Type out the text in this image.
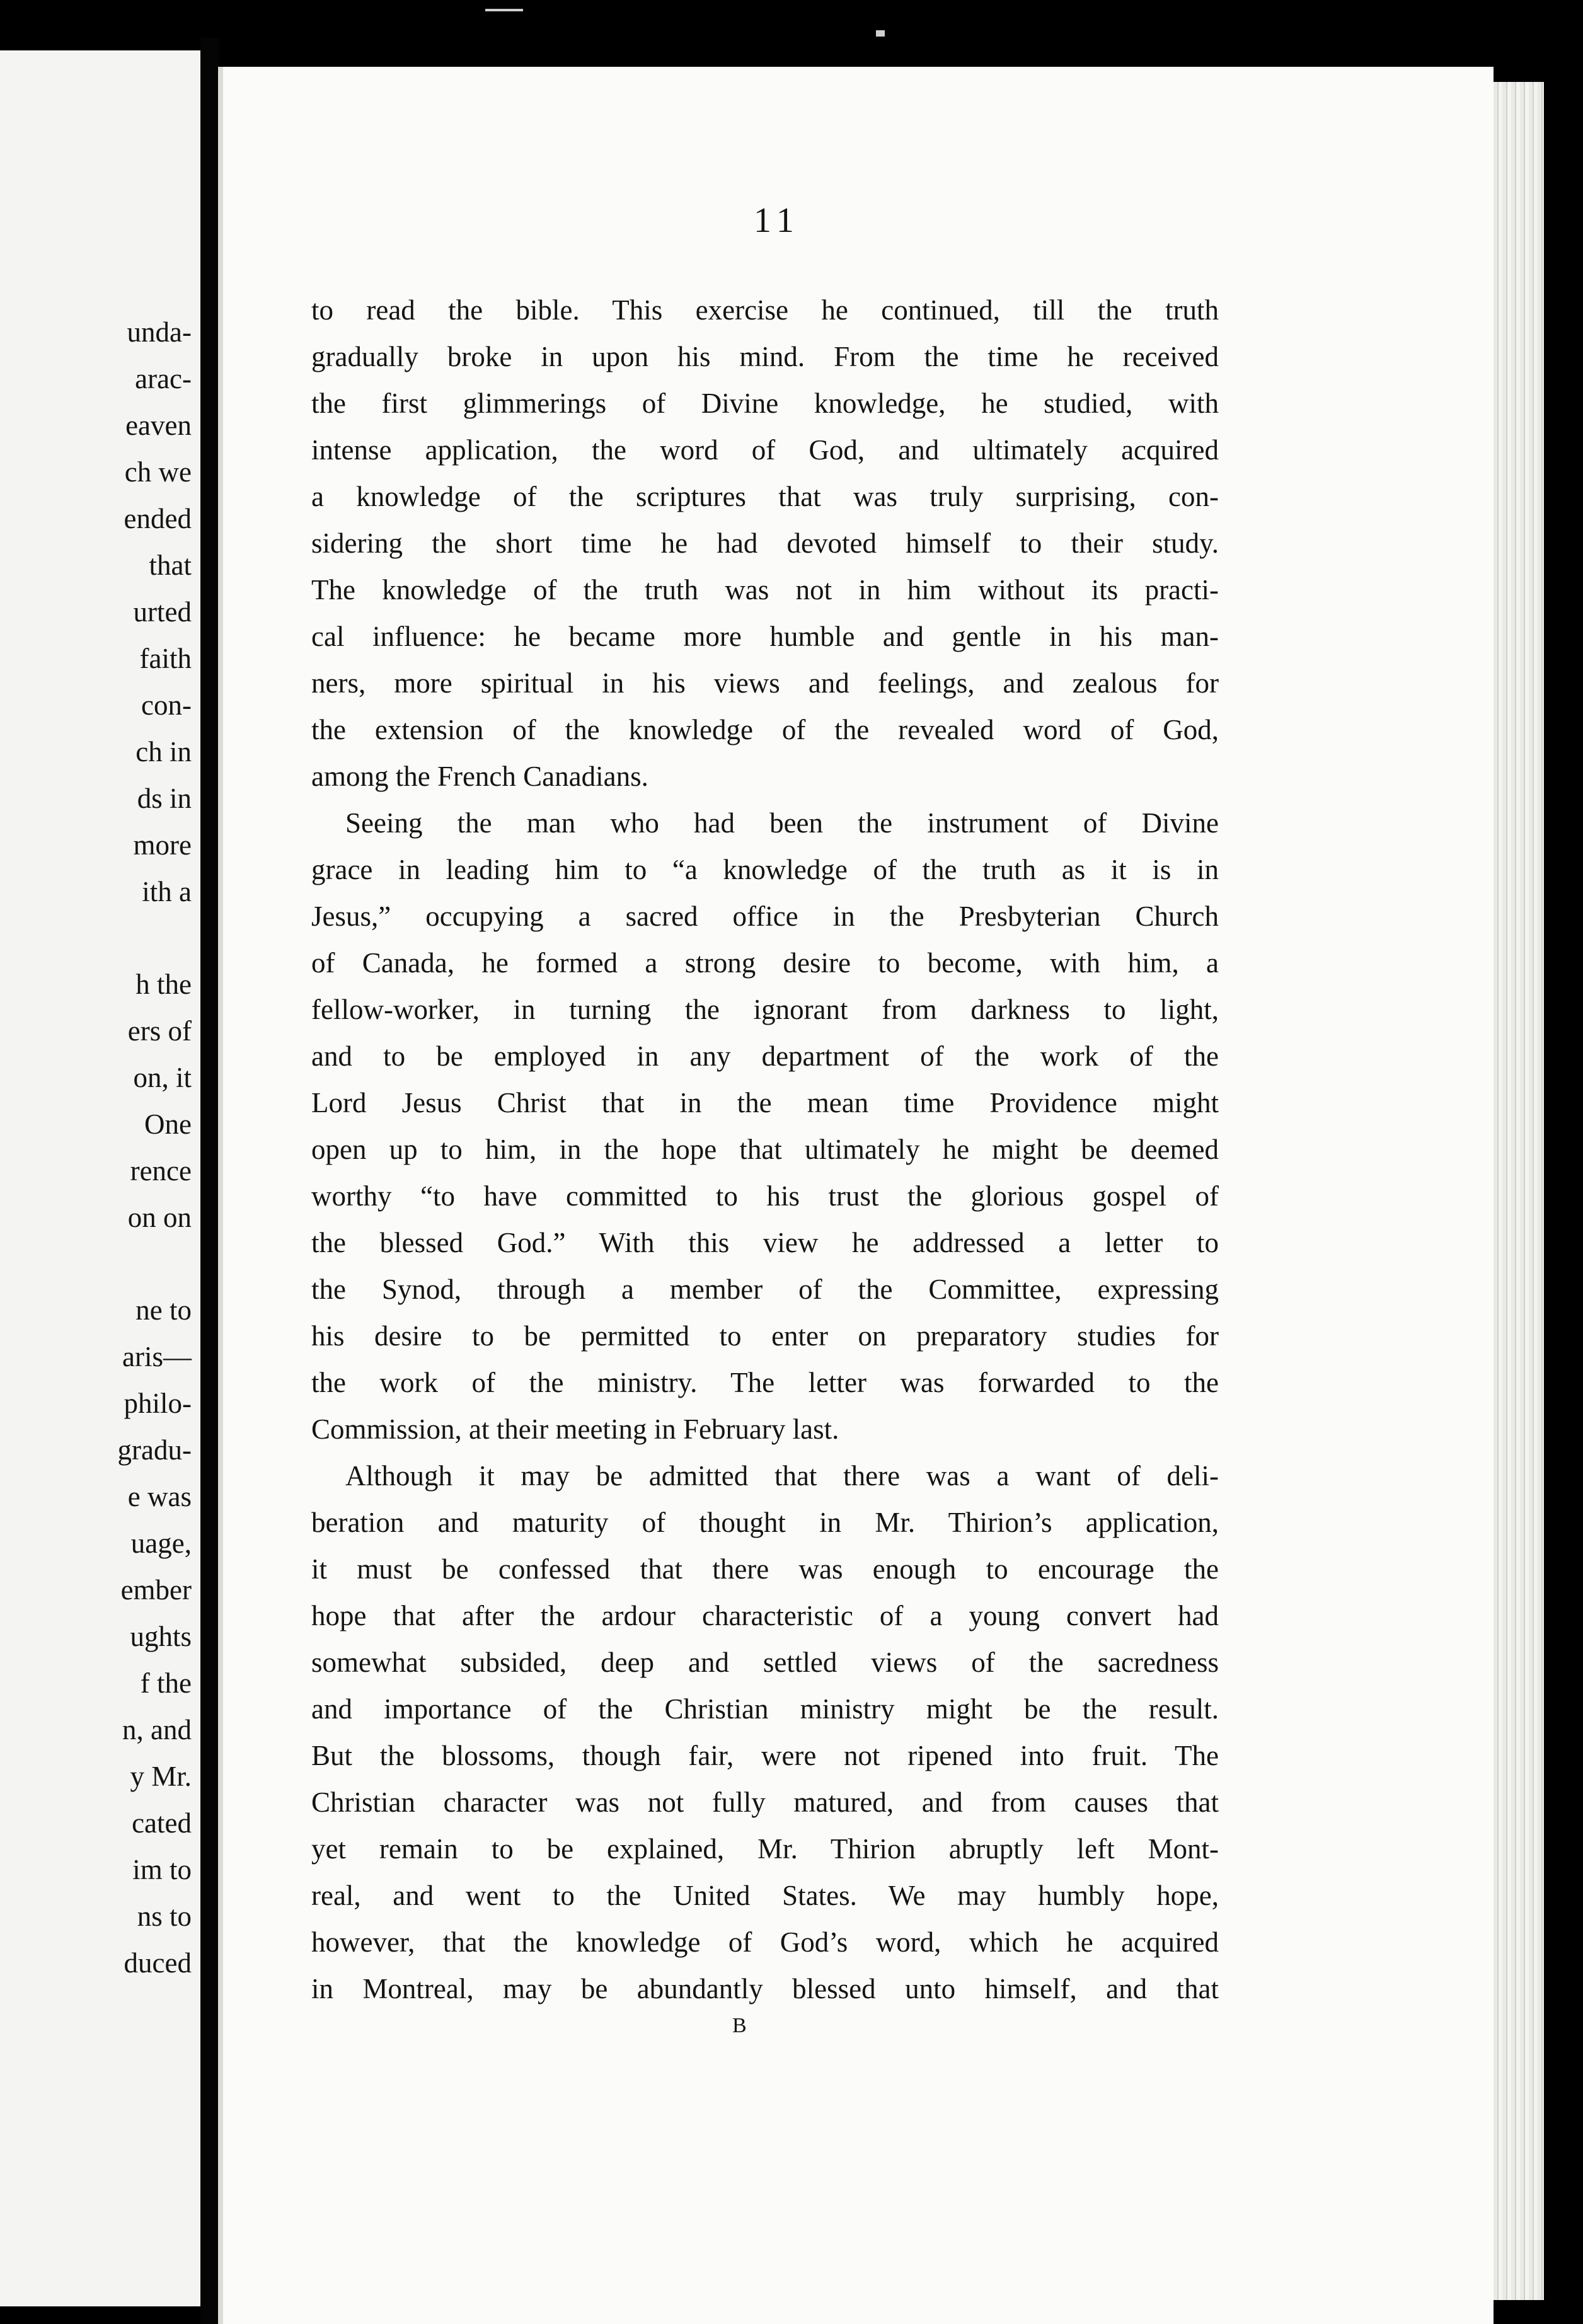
unda-
arac-
eaven
ch we
ended
that
urted
faith
con-
ch in
ds in
more
ith a
h the
ers of
on, it
One
rence
on on
ne to
aris—
philo-
gradu-
e was
uage,
ember
ughts
f the
n, and
y Mr.
cated
im to
ns to
duced
11
to read the bible. This exercise he continued, till the truth
gradually broke in upon his mind. From the time he received
the first glimmerings of Divine knowledge, he studied, with
intense application, the word of God, and ultimately acquired
a knowledge of the scriptures that was truly surprising, con-
sidering the short time he had devoted himself to their study.
The knowledge of the truth was not in him without its practi-
cal influence: he became more humble and gentle in his man-
ners, more spiritual in his views and feelings, and zealous for
the extension of the knowledge of the revealed word of God,
among the French Canadians.
Seeing the man who had been the instrument of Divine
grace in leading him to “a knowledge of the truth as it is in
Jesus,” occupying a sacred office in the Presbyterian Church
of Canada, he formed a strong desire to become, with him, a
fellow-worker, in turning the ignorant from darkness to light,
and to be employed in any department of the work of the
Lord Jesus Christ that in the mean time Providence might
open up to him, in the hope that ultimately he might be deemed
worthy “to have committed to his trust the glorious gospel of
the blessed God.” With this view he addressed a letter to
the Synod, through a member of the Committee, expressing
his desire to be permitted to enter on preparatory studies for
the work of the ministry. The letter was forwarded to the
Commission, at their meeting in February last.
Although it may be admitted that there was a want of deli-
beration and maturity of thought in Mr. Thirion’s application,
it must be confessed that there was enough to encourage the
hope that after the ardour characteristic of a young convert had
somewhat subsided, deep and settled views of the sacredness
and importance of the Christian ministry might be the result.
But the blossoms, though fair, were not ripened into fruit. The
Christian character was not fully matured, and from causes that
yet remain to be explained, Mr. Thirion abruptly left Mont-
real, and went to the United States. We may humbly hope,
however, that the knowledge of God’s word, which he acquired
in Montreal, may be abundantly blessed unto himself, and that
B
